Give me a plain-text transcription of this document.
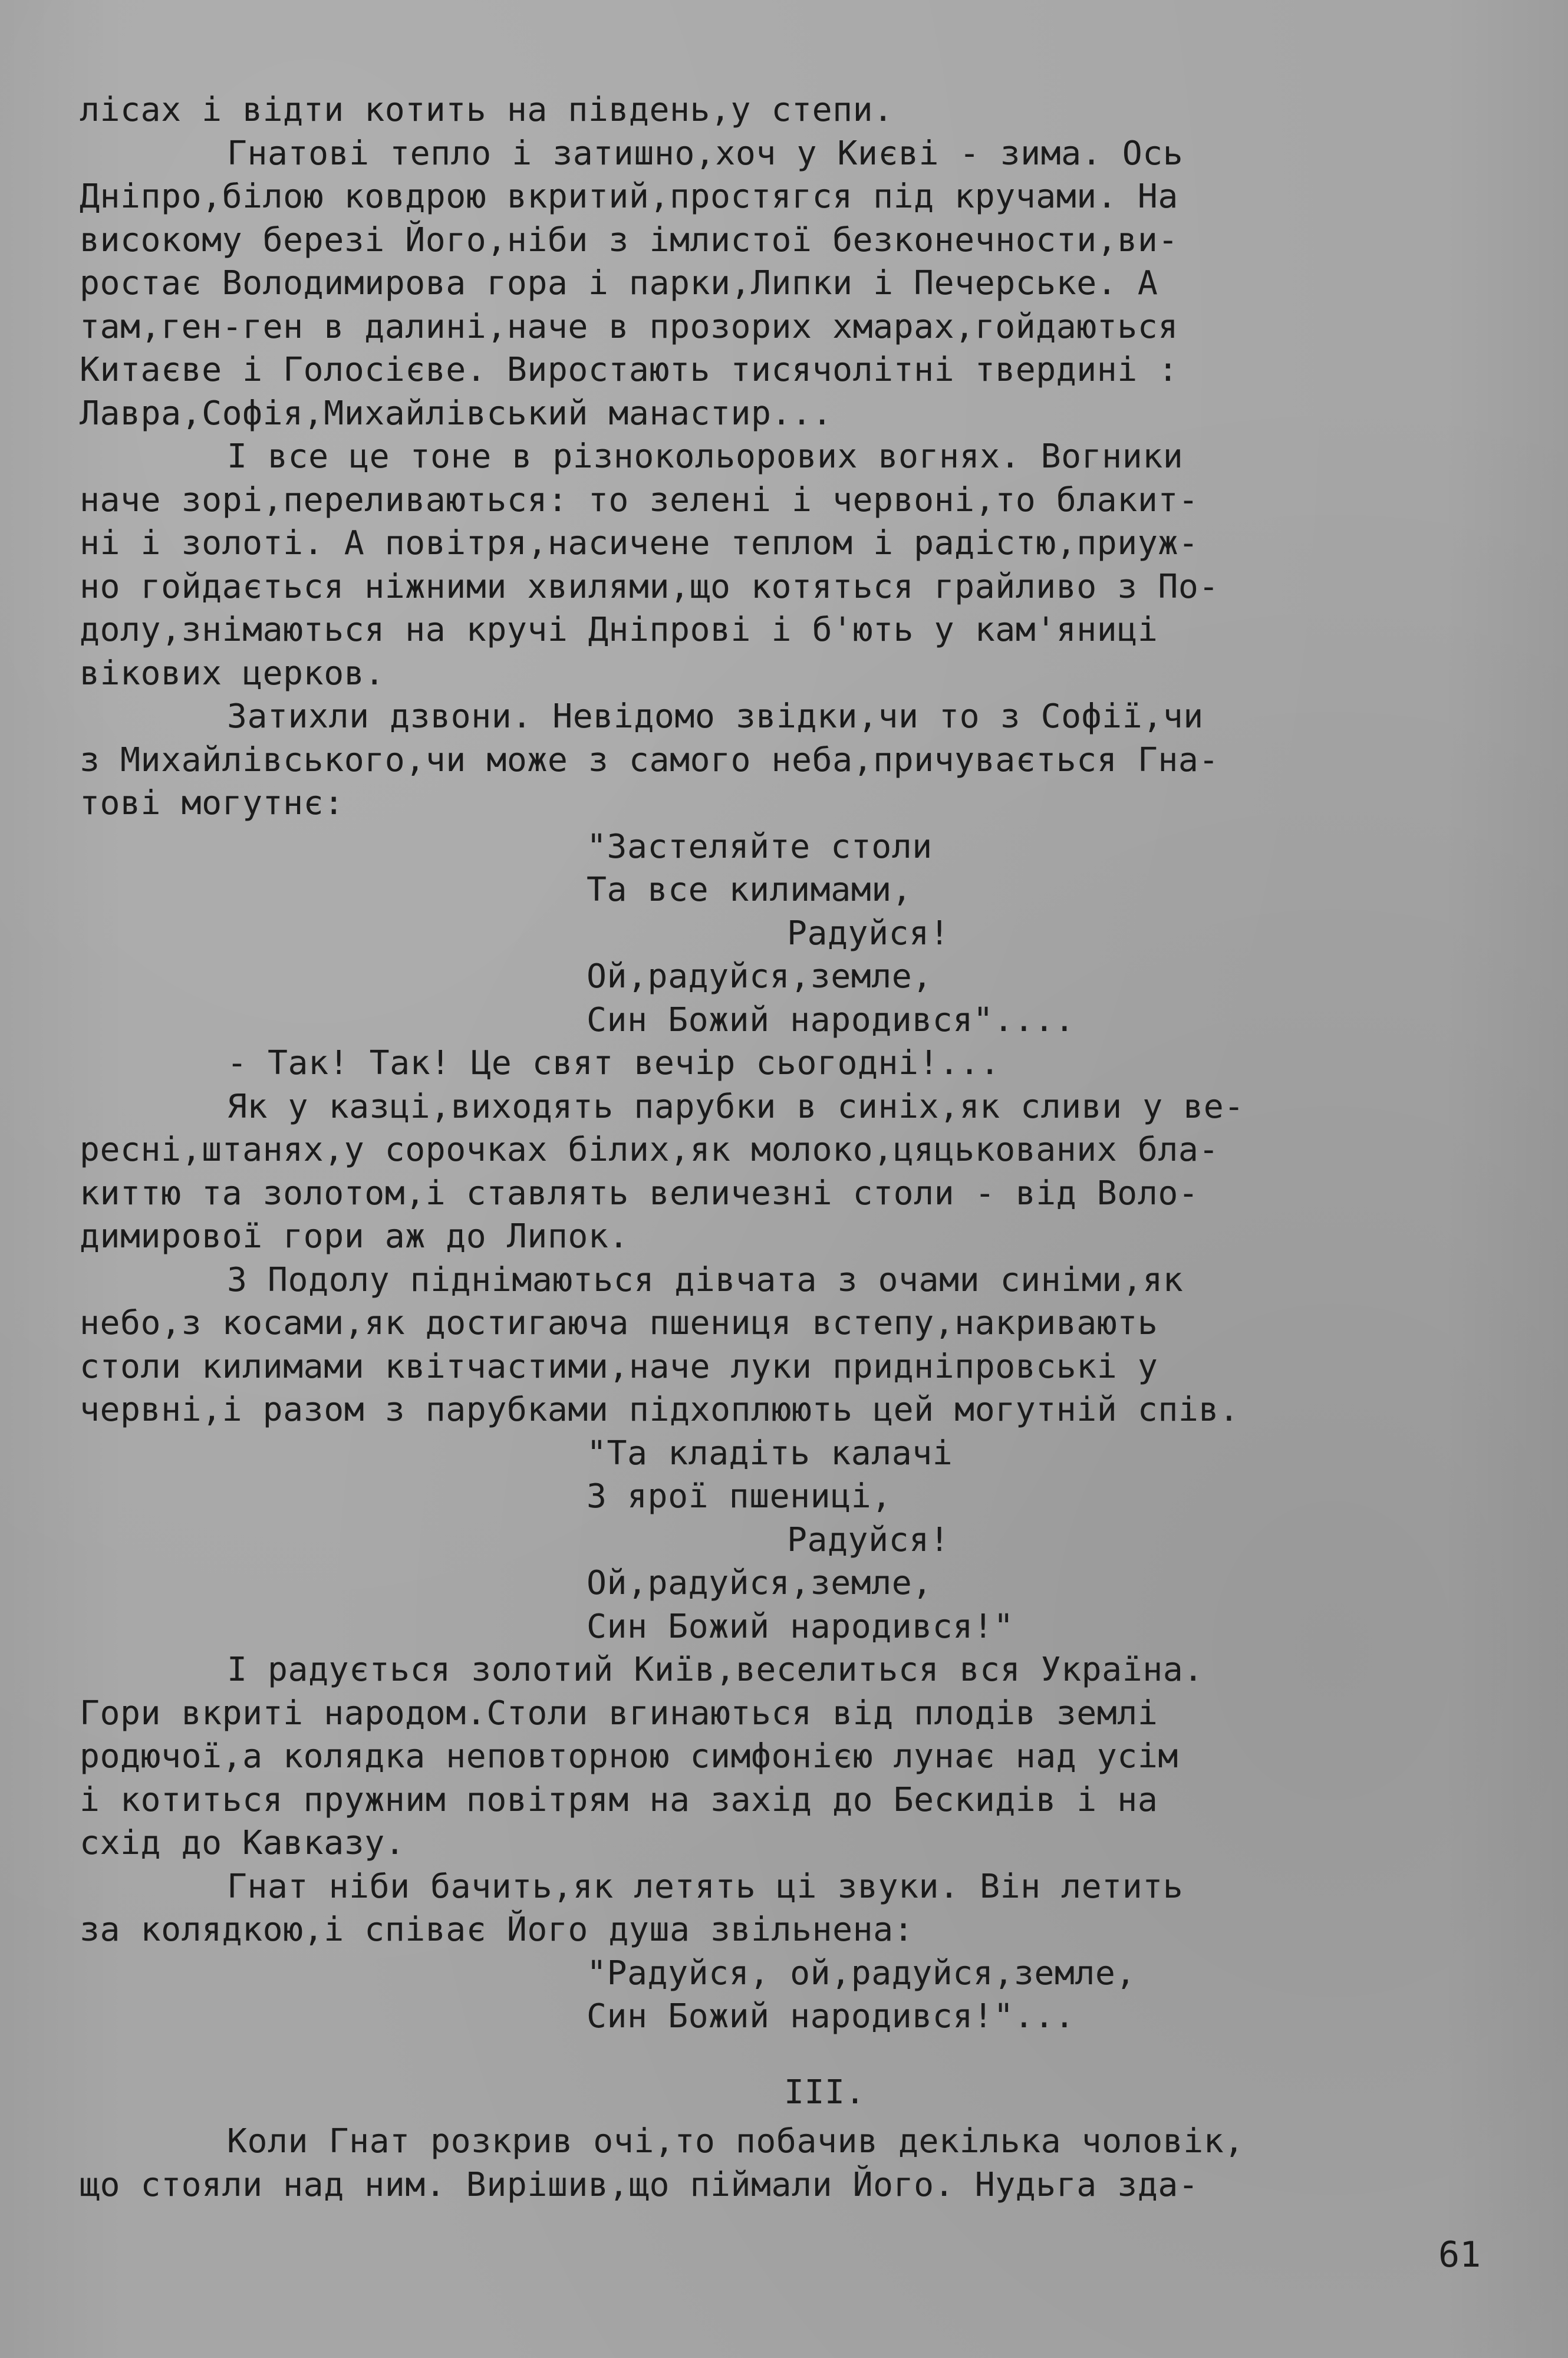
лісах і відти котить на південь,у степи.
Гнатові тепло і затишно,хоч у Києві - зима. Ось
Дніпро,білою ковдрою вкритий,простягся під кручами. На
високому березі Його,ніби з імлистої безконечности,ви-
ростає Володимирова гора і парки,Липки і Печерське. А
там,ген-ген в далині,наче в прозорих хмарах,гойдаються
Китаєве і Голосієве. Виростають тисячолітні твердині :
Лавра,Софія,Михайлівський манастир...
І все це тоне в різнокольорових вогнях. Вогники
наче зорі,переливаються: то зелені і червоні,то блакит-
ні і золоті. А повітря,насичене теплом і радістю,приуж-
но гойдається ніжними хвилями,що котяться грайливо з По-
долу,знімаються на кручі Дніпрові і б'ють у кам'яниці
вікових церков.
Затихли дзвони. Невідомо звідки,чи то з Софії,чи
з Михайлівського,чи може з самого неба,причувається Гна-
тові могутнє:
"Застеляйте столи
Та все килимами,
Радуйся!
Ой,радуйся,земле,
Син Божий народився"....
- Так! Так! Це свят вечір сьогодні!...
Як у казці,виходять парубки в синіх,як сливи у ве-
ресні,штанях,у сорочках білих,як молоко,цяцькованих бла-
киттю та золотом,і ставлять величезні столи - від Воло-
димирової гори аж до Липок.
З Подолу піднімаються дівчата з очами синіми,як
небо,з косами,як достигаюча пшениця встепу,накривають
столи килимами квітчастими,наче луки придніпровські у
червні,і разом з парубками підхоплюють цей могутній спів.
"Та кладіть калачі
З ярої пшениці,
Радуйся!
Ой,радуйся,земле,
Син Божий народився!"
І радується золотий Київ,веселиться вся Україна.
Гори вкриті народом.Столи вгинаються від плодів землі
родючої,а колядка неповторною симфонією лунає над усім
і котиться пружним повітрям на захід до Бескидів і на
схід до Кавказу.
Гнат ніби бачить,як летять ці звуки. Він летить
за колядкою,і співає Його душа звільнена:
"Радуйся, ой,радуйся,земле,
Син Божий народився!"...
III.
Коли Гнат розкрив очі,то побачив декілька чоловік,
що стояли над ним. Вирішив,що піймали Його. Нудьга зда-
61
